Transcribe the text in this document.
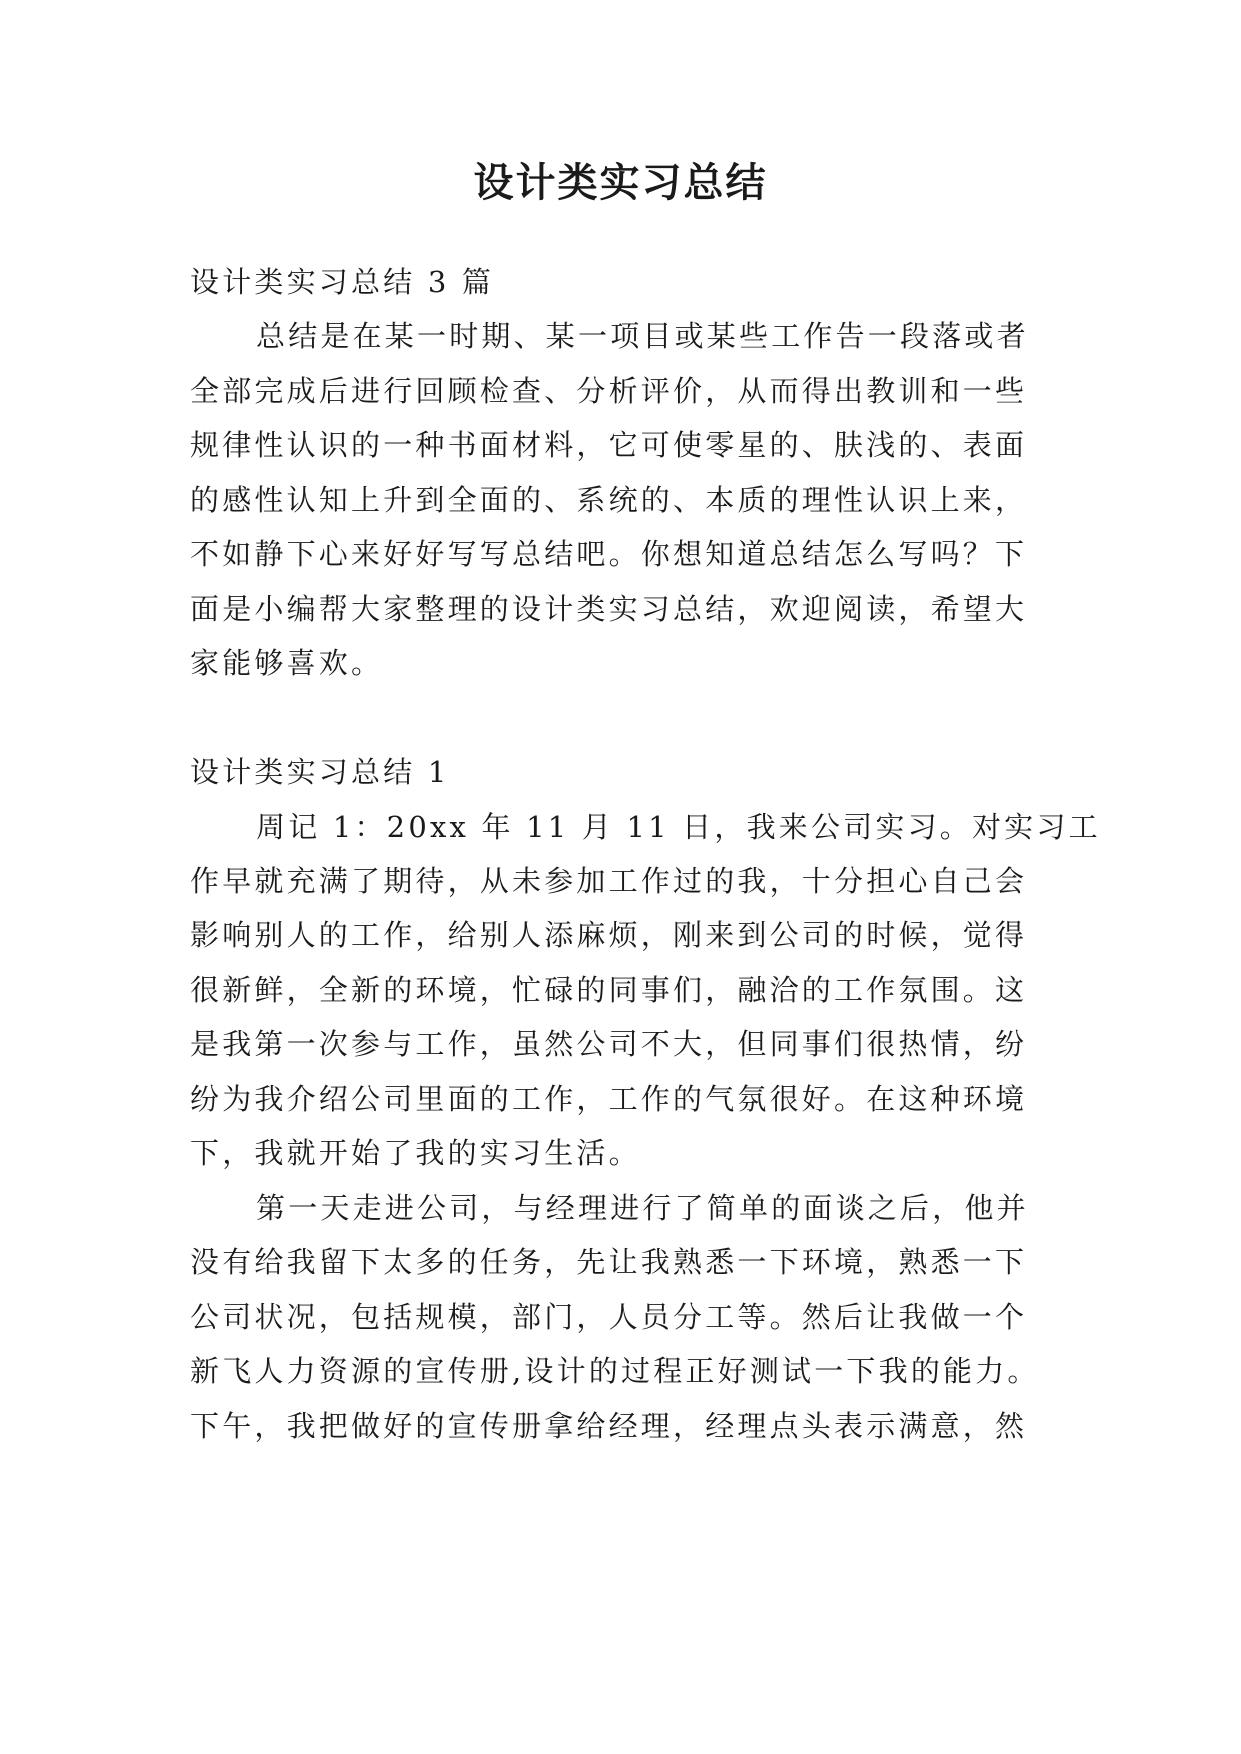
设计类实习总结

设计类实习总结 3 篇

总结是在某一时期、某一项目或某些工作告一段落或者

全部完成后进行回顾检查、分析评价，从而得出教训和一些

规律性认识的一种书面材料，它可使零星的、肤浅的、表面

的感性认知上升到全面的、系统的、本质的理性认识上来，

不如静下心来好好写写总结吧。你想知道总结怎么写吗？下

面是小编帮大家整理的设计类实习总结，欢迎阅读，希望大

家能够喜欢。

设计类实习总结 1

周记 1：20xx 年 11 月 11 日，我来公司实习。对实习工

作早就充满了期待，从未参加工作过的我，十分担心自己会

影响别人的工作，给别人添麻烦，刚来到公司的时候，觉得

很新鲜，全新的环境，忙碌的同事们，融洽的工作氛围。这

是我第一次参与工作，虽然公司不大，但同事们很热情，纷

纷为我介绍公司里面的工作，工作的气氛很好。在这种环境

下，我就开始了我的实习生活。

第一天走进公司，与经理进行了简单的面谈之后，他并

没有给我留下太多的任务，先让我熟悉一下环境，熟悉一下

公司状况，包括规模，部门，人员分工等。然后让我做一个

新飞人力资源的宣传册,设计的过程正好测试一下我的能力。

下午，我把做好的宣传册拿给经理，经理点头表示满意，然
